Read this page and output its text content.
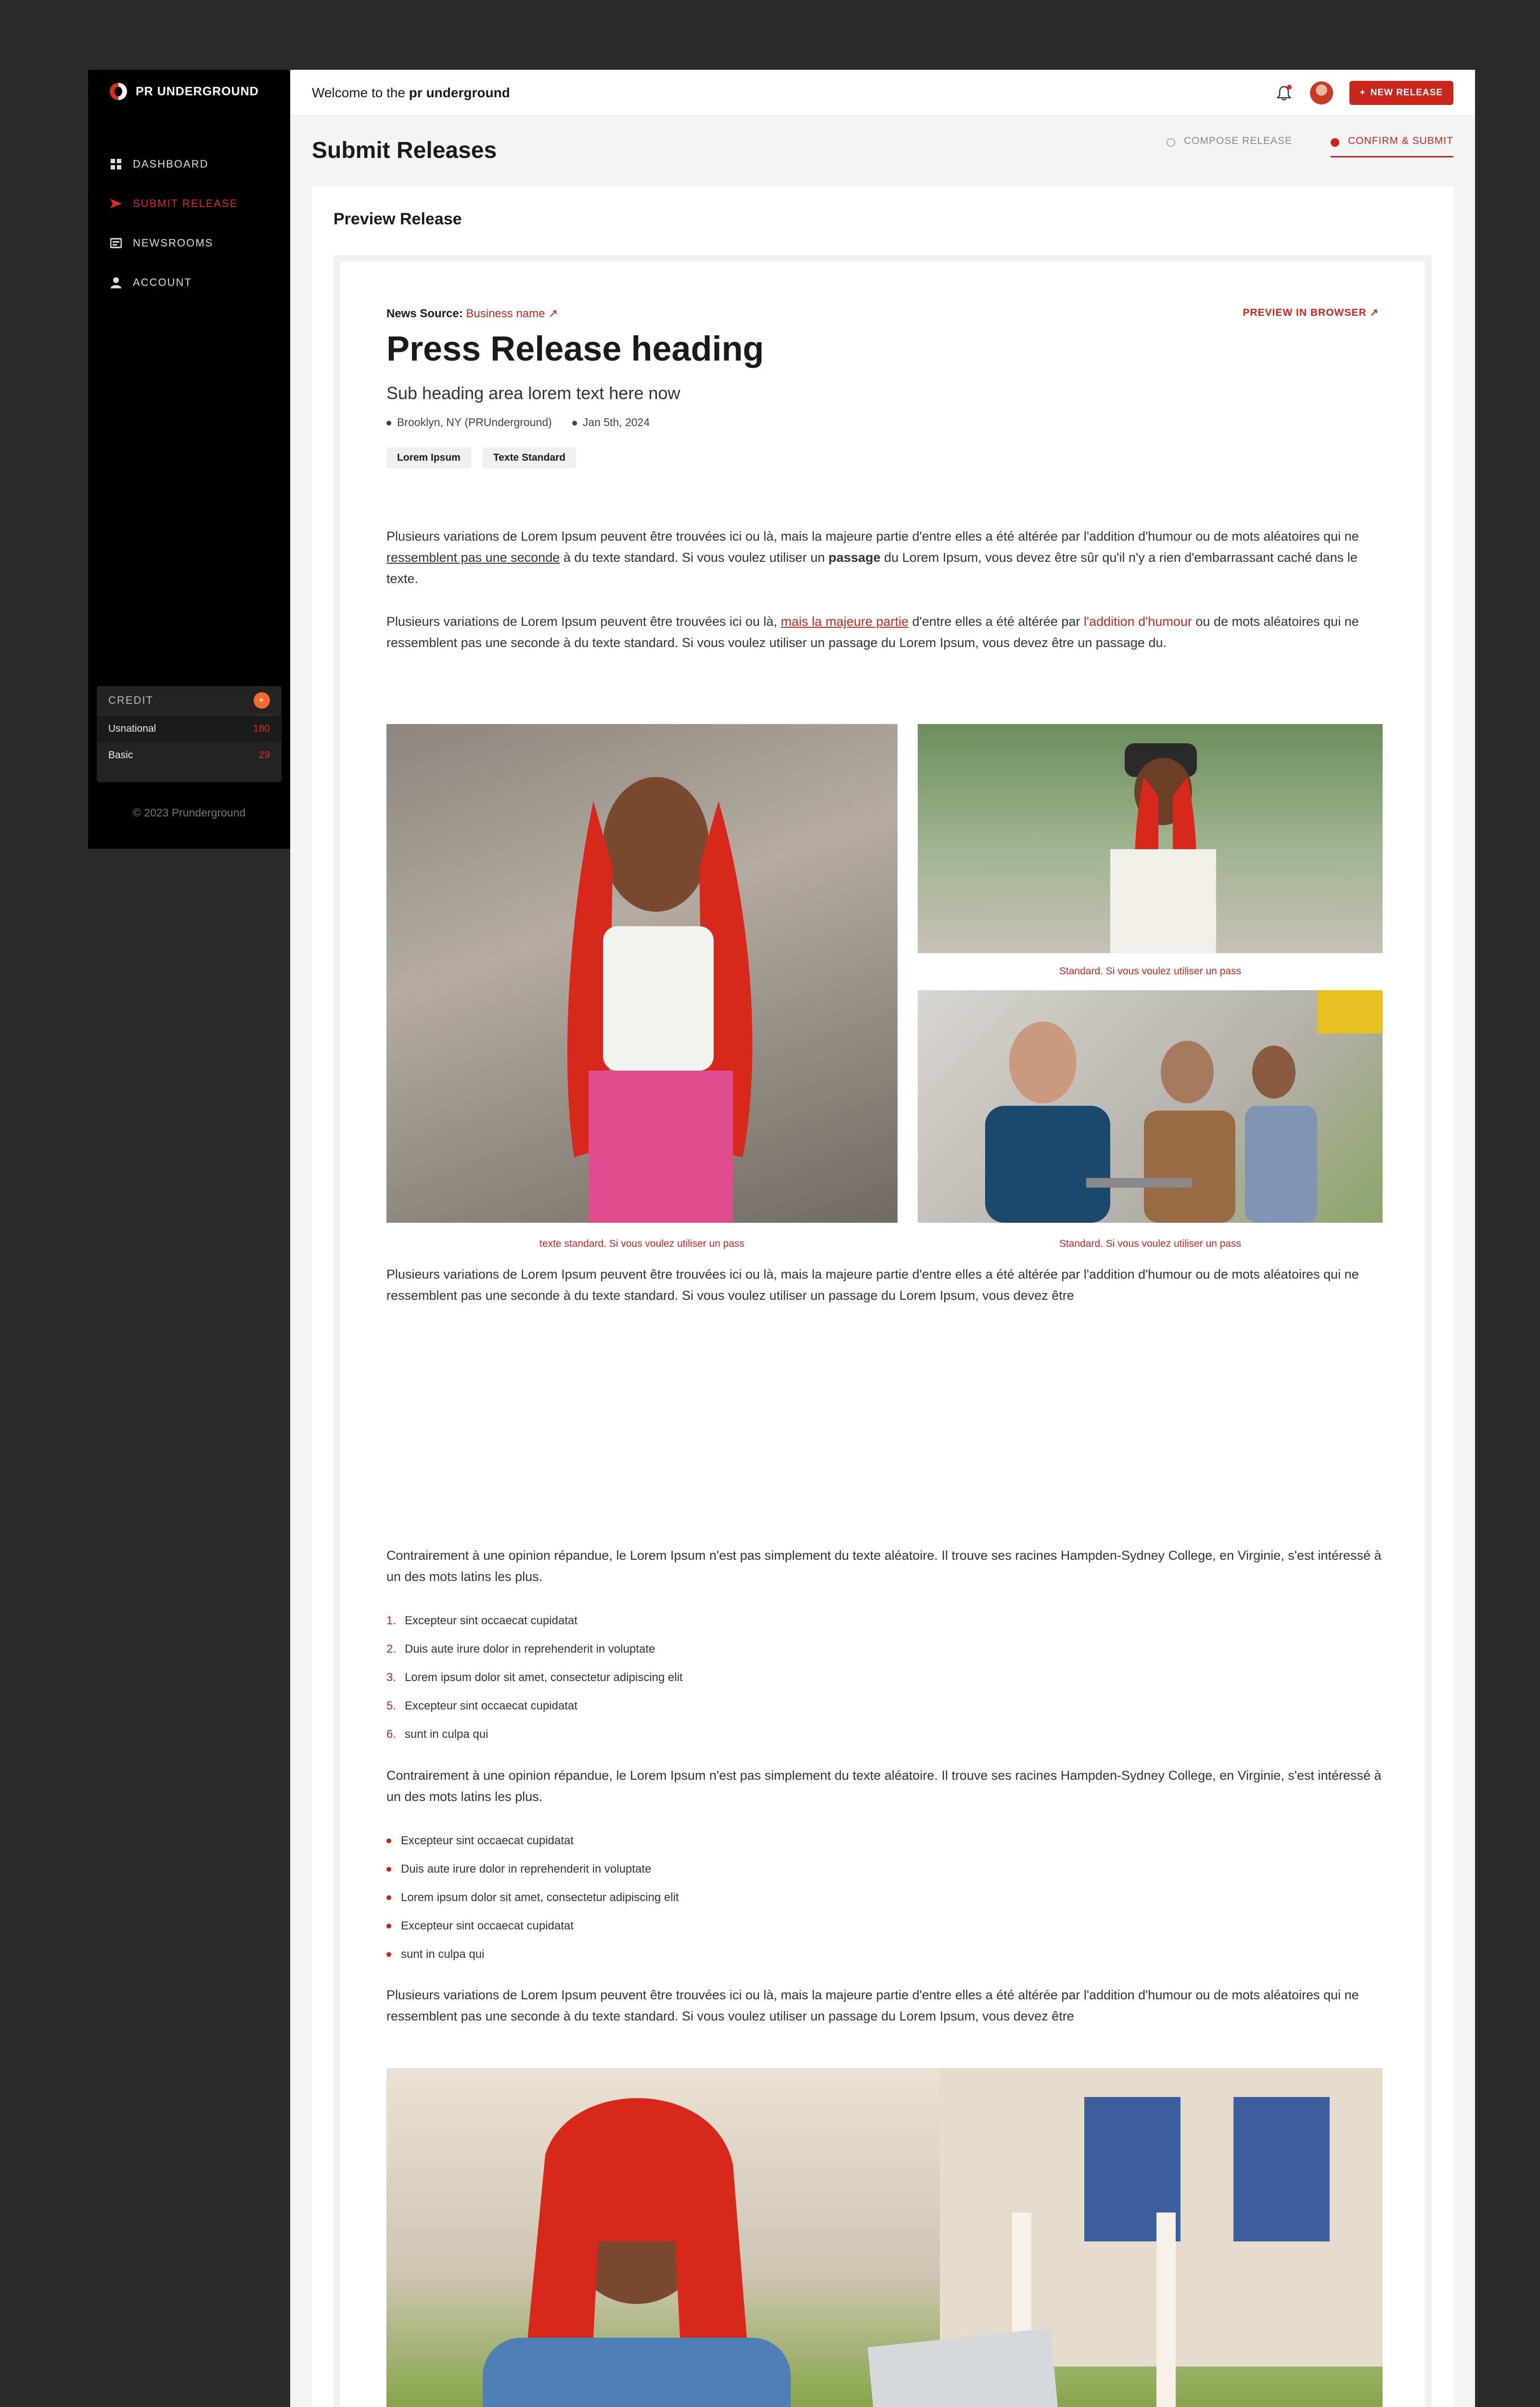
PR UNDERGROUND
DASHBOARD
SUBMIT RELEASE
NEWSROOMS
ACCOUNT
CREDIT	+
Usnational	180
Basic	29
© 2023 Prunderground
Welcome to the pr underground	+ NEW RELEASE
Submit Releases	COMPOSE RELEASE	CONFIRM & SUBMIT
Preview Release
News Source: Business name ↗	PREVIEW IN BROWSER ↗
Press Release heading
Sub heading area lorem text here now
Brooklyn, NY (PRUnderground)	Jan 5th, 2024
Lorem Ipsum	Texte Standard

Plusieurs variations de Lorem Ipsum peuvent être trouvées ici ou là, mais la majeure partie d'entre elles a été altérée par l'addition d'humour ou de mots aléatoires qui ne ressemblent pas une seconde à du texte standard. Si vous voulez utiliser un passage du Lorem Ipsum, vous devez être sûr qu'il n'y a rien d'embarrassant caché dans le texte.

Plusieurs variations de Lorem Ipsum peuvent être trouvées ici ou là, mais la majeure partie d'entre elles a été altérée par l'addition d'humour ou de mots aléatoires qui ne ressemblent pas une seconde à du texte standard. Si vous voulez utiliser un passage du Lorem Ipsum, vous devez être un passage du.

texte standard. Si vous voulez utiliser un pass
Standard. Si vous voulez utiliser un pass
Standard. Si vous voulez utiliser un pass

Plusieurs variations de Lorem Ipsum peuvent être trouvées ici ou là, mais la majeure partie d'entre elles a été altérée par l'addition d'humour ou de mots aléatoires qui ne ressemblent pas une seconde à du texte standard. Si vous voulez utiliser un passage du Lorem Ipsum, vous devez être

Contrairement à une opinion répandue, le Lorem Ipsum n'est pas simplement du texte aléatoire. Il trouve ses racines Hampden-Sydney College, en Virginie, s'est intéressé à un des mots latins les plus.

1. Excepteur sint occaecat cupidatat
2. Duis aute irure dolor in reprehenderit in voluptate
3. Lorem ipsum dolor sit amet, consectetur adipiscing elit
5. Excepteur sint occaecat cupidatat
6. sunt in culpa qui

Contrairement à une opinion répandue, le Lorem Ipsum n'est pas simplement du texte aléatoire. Il trouve ses racines Hampden-Sydney College, en Virginie, s'est intéressé à un des mots latins les plus.

Excepteur sint occaecat cupidatat
Duis aute irure dolor in reprehenderit in voluptate
Lorem ipsum dolor sit amet, consectetur adipiscing elit
Excepteur sint occaecat cupidatat
sunt in culpa qui

Plusieurs variations de Lorem Ipsum peuvent être trouvées ici ou là, mais la majeure partie d'entre elles a été altérée par l'addition d'humour ou de mots aléatoires qui ne ressemblent pas une seconde à du texte standard. Si vous voulez utiliser un passage du Lorem Ipsum, vous devez être
